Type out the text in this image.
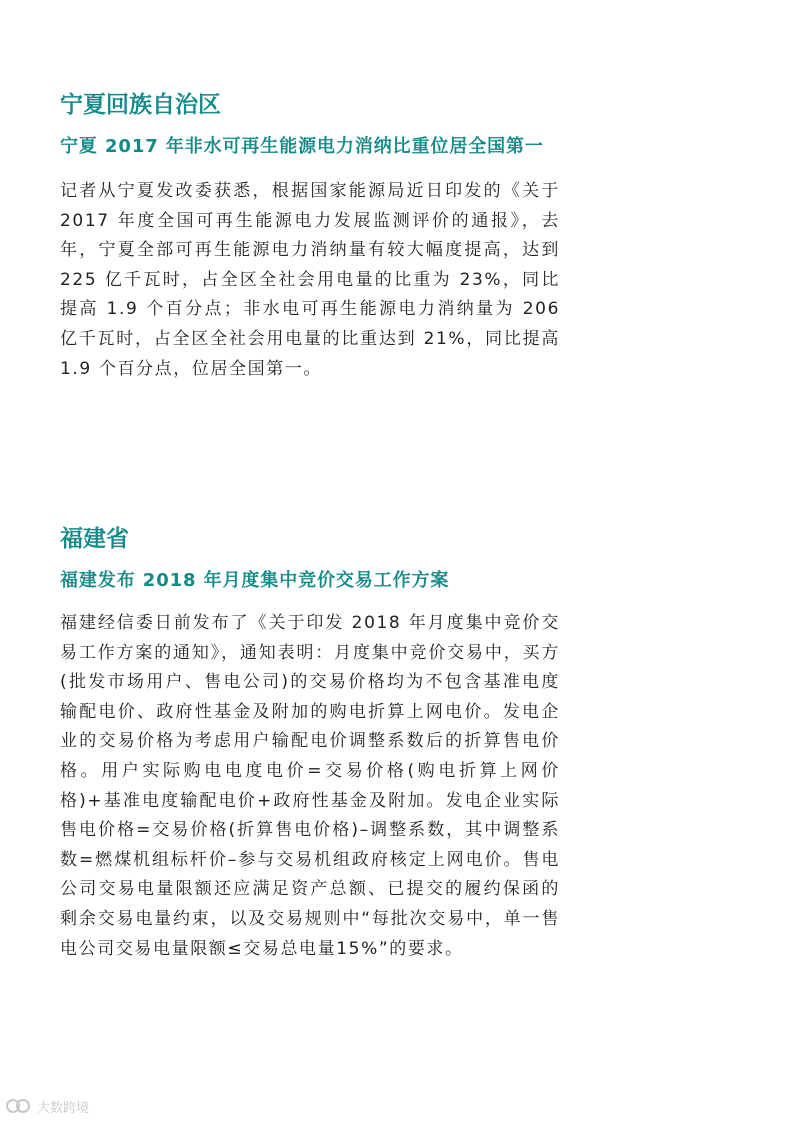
宁夏回族自治区
宁夏 2017 年非水可再生能源电力消纳比重位居全国第一

记者从宁夏发改委获悉，根据国家能源局近日印发的《关于 2017 年度全国可再生能源电力发展监测评价的通报》，去年，宁夏全部可再生能源电力消纳量有较大幅度提高，达到 225 亿千瓦时，占全区全社会用电量的比重为 23%，同比提高 1.9 个百分点；非水电可再生能源电力消纳量为 206 亿千瓦时，占全区全社会用电量的比重达到 21%，同比提高 1.9 个百分点，位居全国第一。

福建省
福建发布 2018 年月度集中竞价交易工作方案

福建经信委日前发布了《关于印发 2018 年月度集中竞价交易工作方案的通知》，通知表明：月度集中竞价交易中，买方(批发市场用户、售电公司)的交易价格均为不包含基准电度输配电价、政府性基金及附加的购电折算上网电价。发电企业的交易价格为考虑用户输配电价调整系数后的折算售电价格。用户实际购电电度电价=交易价格(购电折算上网价格)+基准电度输配电价+政府性基金及附加。发电企业实际售电价格=交易价格(折算售电价格)–调整系数，其中调整系数=燃煤机组标杆价–参与交易机组政府核定上网电价。售电公司交易电量限额还应满足资产总额、已提交的履约保函的剩余交易电量约束，以及交易规则中“每批次交易中，单一售电公司交易电量限额≤交易总电量15%”的要求。

大数跨境
